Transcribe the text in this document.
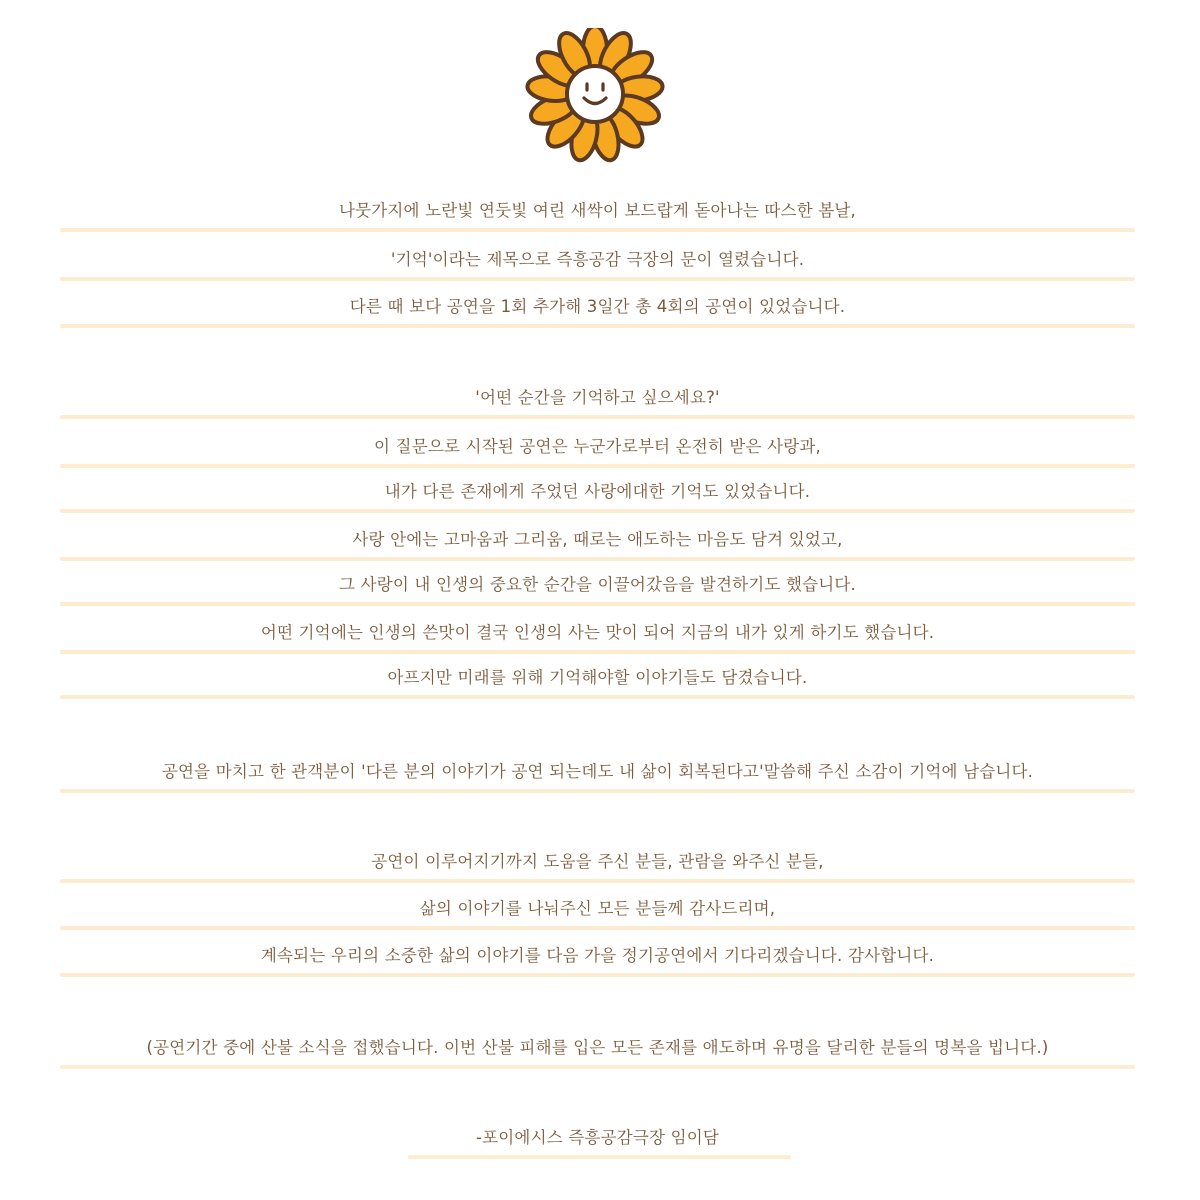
나뭇가지에 노란빛 연둣빛 여린 새싹이 보드랍게 돋아나는 따스한 봄날,
'기억'이라는 제목으로 즉흥공감 극장의 문이 열렸습니다.
다른 때 보다 공연을 1회 추가해 3일간 총 4회의 공연이 있었습니다.
'어떤 순간을 기억하고 싶으세요?'
이 질문으로 시작된 공연은 누군가로부터 온전히 받은 사랑과,
내가 다른 존재에게 주었던 사랑에대한 기억도 있었습니다.
사랑 안에는 고마움과 그리움, 때로는 애도하는 마음도 담겨 있었고,
그 사랑이 내 인생의 중요한 순간을 이끌어갔음을 발견하기도 했습니다.
어떤 기억에는 인생의 쓴맛이 결국 인생의 사는 맛이 되어 지금의 내가 있게 하기도 했습니다.
아프지만 미래를 위해 기억해야할 이야기들도 담겼습니다.
공연을 마치고 한 관객분이 '다른 분의 이야기가 공연 되는데도 내 삶이 회복된다고'말씀해 주신 소감이 기억에 남습니다.
공연이 이루어지기까지 도움을 주신 분들, 관람을 와주신 분들,
삶의 이야기를 나눠주신 모든 분들께 감사드리며,
계속되는 우리의 소중한 삶의 이야기를 다음 가을 정기공연에서 기다리겠습니다. 감사합니다.
(공연기간 중에 산불 소식을 접했습니다. 이번 산불 피해를 입은 모든 존재를 애도하며 유명을 달리한 분들의 명복을 빕니다.)
-포이에시스 즉흥공감극장 임이담
